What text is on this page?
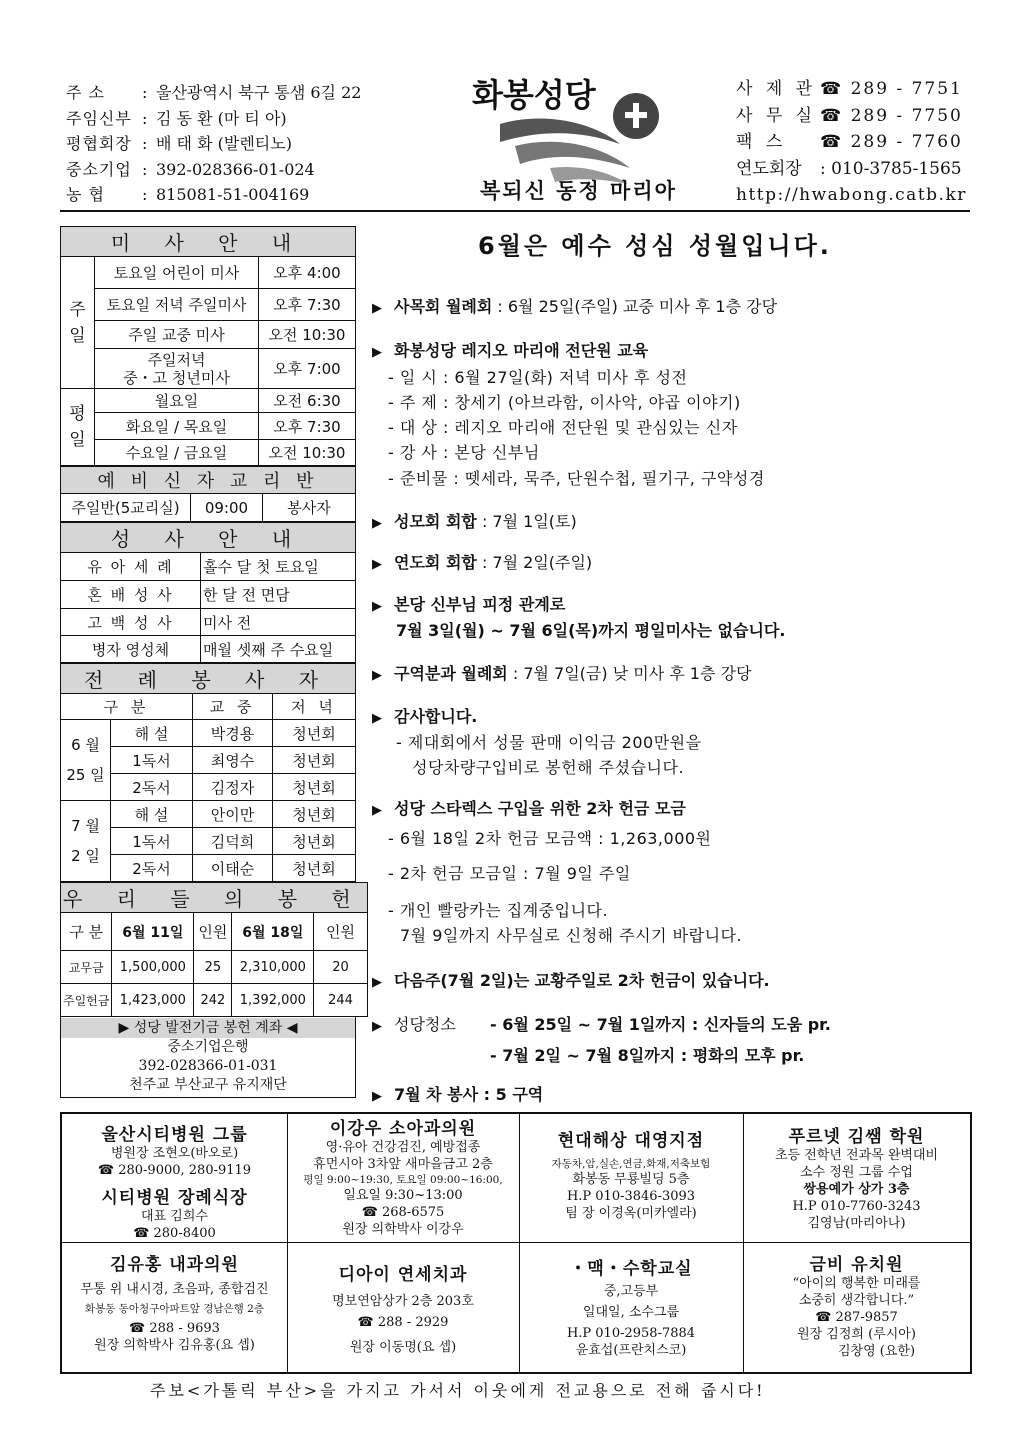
주 소	: 울산광역시 북구 통샘 6길 22
주임신부 : 김 동 환 (마 티 아)
평협회장 : 배 태 화 (발렌티노)
중소기업 : 392-028366-01-024
농 협	: 815081-51-004169
화봉성당
복되신 동정 마리아
사 제 관 ☎ 289 - 7751
사 무 실 ☎ 289 - 7750
팩 스	☎ 289 - 7760
연도회장	: 010-3785-1565
http://hwabong.catb.kr
미 사 안 내		
주
일	토요일 어린이 미사	오후 4:00
	토요일 저녁 주일미사	오후 7:30
	주일 교중 미사	오전 10:30
	주일저녁
중・고 청년미사	오후 7:00
평
일	월요일	오전 6:30
	화요일 / 목요일	오후 7:30
	수요일 / 금요일	오전 10:30
예 비 신 자 교 리 반
주일반(5교리실)	09:00	봉사자
성 사 안 내	
유 아 세 례	홀수 달 첫 토요일
혼 배 성 사	한 달 전 면담
고 백 성 사	미사 전
병자 영성체	매월 셋째 주 수요일
전 례 봉 사 자			
구 분		교 중	저 녁

6 월
25 일	해 설	박경용	청년회
	1독서	최영수	청년회
	2독서	김정자	청년회

7 월
2 일	해 설	안이만	청년회
	1독서	김덕희	청년회
	2독서	이태순	청년회
우 리 들 의 봉 헌				
구 분	6월 11일	인원	6월 18일	인원
교무금	1,500,000	25	2,310,000	20
주일헌금	1,423,000	242	1,392,000	244
▶ 성당 발전기금 봉헌 계좌 ◀
중소기업은행
392-028366-01-031
천주교 부산교구 유지재단
6월은 예수 성심 성월입니다.
▶ 사목회 월례회 : 6월 25일(주일) 교중 미사 후 1층 강당
▶ 화봉성당 레지오 마리애 전단원 교육
- 일 시 : 6월 27일(화) 저녁 미사 후 성전
- 주 제 : 창세기 (아브라함, 이사악, 야곱 이야기)
- 대 상 : 레지오 마리애 전단원 및 관심있는 신자
- 강 사 : 본당 신부님
- 준비물 : 뗏세라, 묵주, 단원수첩, 필기구, 구약성경
▶ 성모회 회합 : 7월 1일(토)
▶ 연도회 회합 : 7월 2일(주일)
▶ 본당 신부님 피정 관계로
7월 3일(월) ~ 7월 6일(목)까지 평일미사는 없습니다.
▶ 구역분과 월례회 : 7월 7일(금) 낮 미사 후 1층 강당
▶ 감사합니다.
- 제대회에서 성물 판매 이익금 200만원을
성당차량구입비로 봉헌해 주셨습니다.
▶ 성당 스타렉스 구입을 위한 2차 헌금 모금
- 6월 18일 2차 헌금 모금액 : 1,263,000원
- 2차 헌금 모금일 : 7월 9일 주일
- 개인 빨랑카는 집계중입니다.
7월 9일까지 사무실로 신청해 주시기 바랍니다.
▶ 다음주(7월 2일)는 교황주일로 2차 헌금이 있습니다.
▶ 성당청소 - 6월 25일 ~ 7월 1일까지 : 신자들의 도움 pr.
- 7월 2일 ~ 7월 8일까지 : 평화의 모후 pr.
▶ 7월 차 봉사 : 5 구역
울산시티병원 그룹
병원장 조현오(바오로)
☎ 280-9000, 280-9119
시티병원 장례식장
대표 김희수
☎ 280-8400
이강우 소아과의원
영·유아 건강검진, 예방접종
휴먼시아 3차앞 새마을금고 2층
평일 9:00~19:30, 토요일 09:00~16:00,
일요일 9:30~13:00
☎ 268-6575
원장 의학박사 이강우
현대해상 대영지점
자동차,암,실손,연금,화재,저축보험
화봉동 무룡빌딩 5층
H.P 010-3846-3093
팀 장 이경옥(미카엘라)
푸르넷 김쌤 학원
초등 전학년 전과목 완벽대비
소수 정원 그룹 수업
쌍용예가 상가 3층
H.P 010-7760-3243
김영남(마리아나)
김유홍 내과의원
무통 위 내시경, 초음파, 종합검진
화봉동 동아청구아파트앞 경남은행 2층
☎ 288 - 9693
원장 의학박사 김유홍(요 셉)
디아이 연세치과
명보연암상가 2층 203호
☎ 288 - 2929
원장 이동명(요 셉)
・맥・수학교실
중,고등부
일대일, 소수그룹
H.P 010-2958-7884
윤효섭(프란치스코)
금비 유치원
“아이의 행복한 미래를
소중히 생각합니다.”
☎ 287-9857
원장 김정희 (루시아)
김창영 (요한)
주보<가톨릭 부산>을 가지고 가서서 이웃에게 전교용으로 전해 줍시다!
